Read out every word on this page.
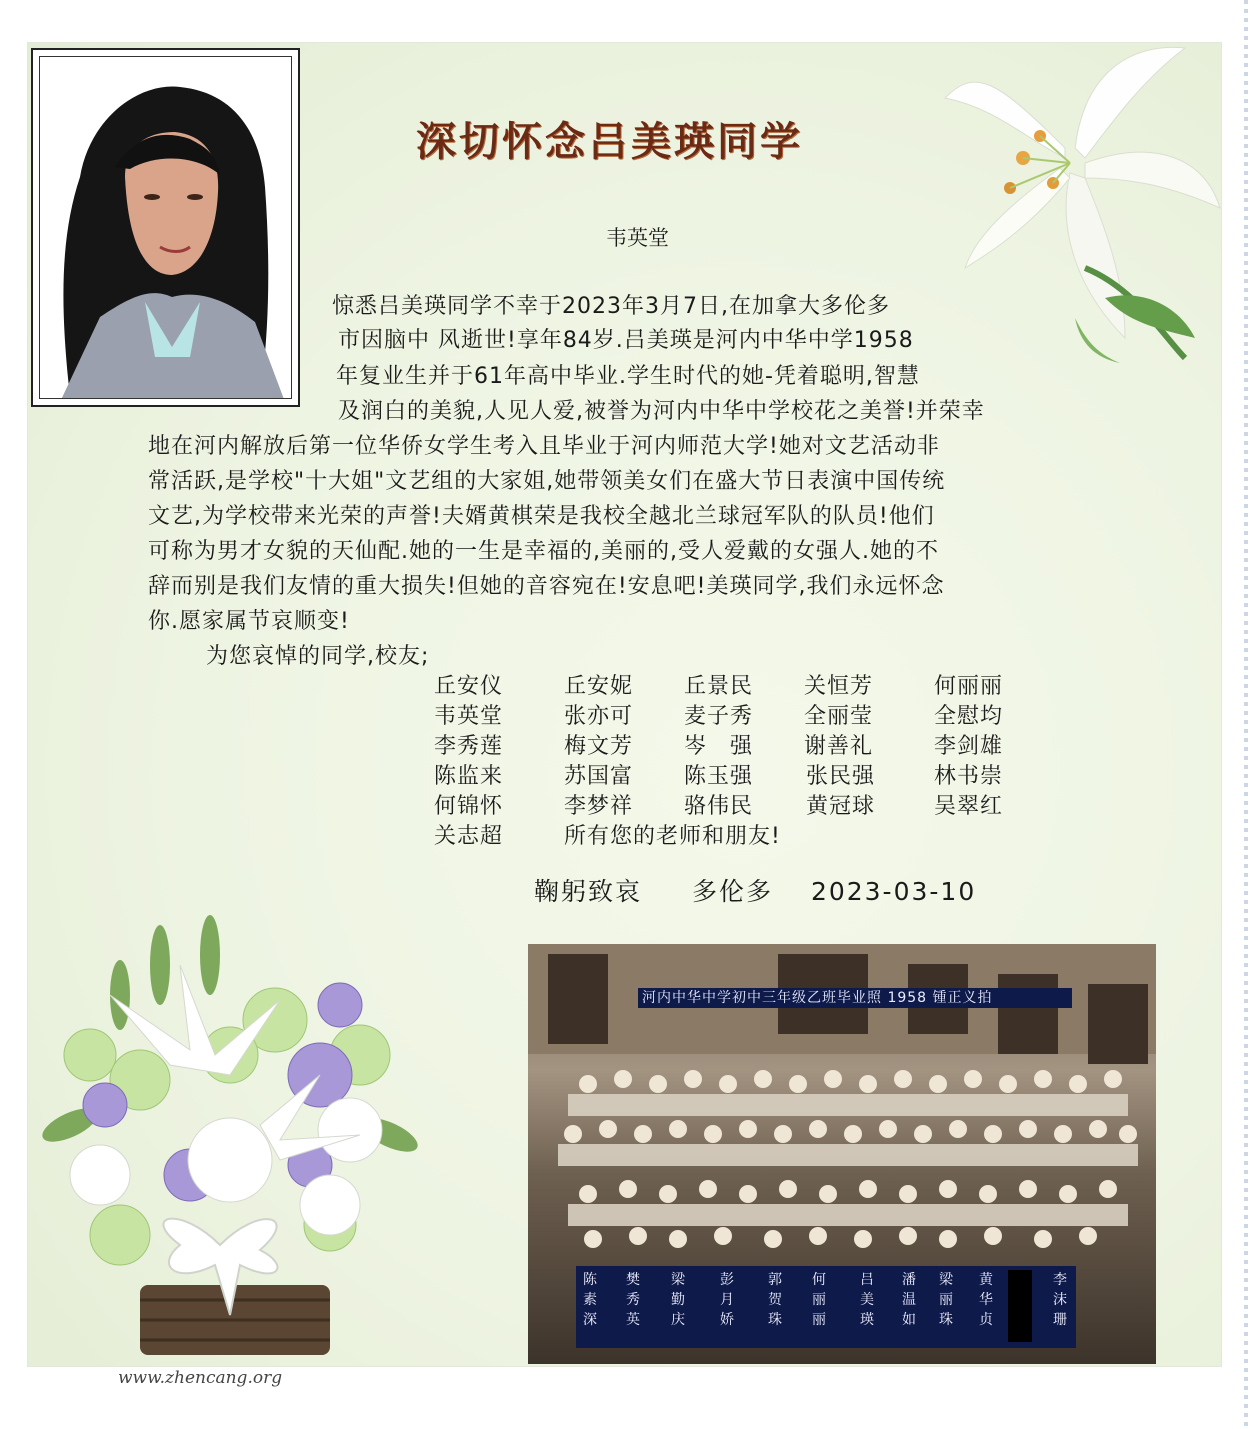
深切怀念吕美瑛同学
韦英堂
惊悉吕美瑛同学不幸于2023年3月7日,在加拿大多伦多
市因脑中 风逝世!享年84岁.吕美瑛是河内中华中学1958
年复业生并于61年高中毕业.学生时代的她-凭着聪明,智慧
及润白的美貌,人见人爱,被誉为河内中华中学校花之美誉!并荣幸
地在河内解放后第一位华侨女学生考入且毕业于河内师范大学!她对文艺活动非
常活跃,是学校"十大姐"文艺组的大家姐,她带领美女们在盛大节日表演中国传统
文艺,为学校带来光荣的声誉!夫婿黄棋荣是我校全越北兰球冠军队的队员!他们
可称为男才女貌的天仙配.她的一生是幸福的,美丽的,受人爱戴的女强人.她的不
辞而别是我们友情的重大损失!但她的音容宛在!安息吧!美瑛同学,我们永远怀念
你.愿家属节哀顺变!
为您哀悼的同学,校友;
丘安仪	丘安妮 丘景民 关恒芳	何丽丽
韦英堂	张亦可 麦子秀 全丽莹	全慰均
李秀莲	梅文芳 岑　强 谢善礼	李剑雄
陈监来	苏国富 陈玉强 张民强	林书崇
何锦怀	李梦祥 骆伟民 黄冠球	吴翠红
关志超	所有您的老师和朋友!
鞠躬致哀 多伦多 2023-03-10
河内中华中学初中三年级乙班毕业照 1958 锺正义拍
陈素深
樊秀英
梁勤庆
彭月娇
郭贺珠
何丽丽
吕美瑛
潘温如
梁丽珠
黄华贞
李沫珊
www.zhencang.org
